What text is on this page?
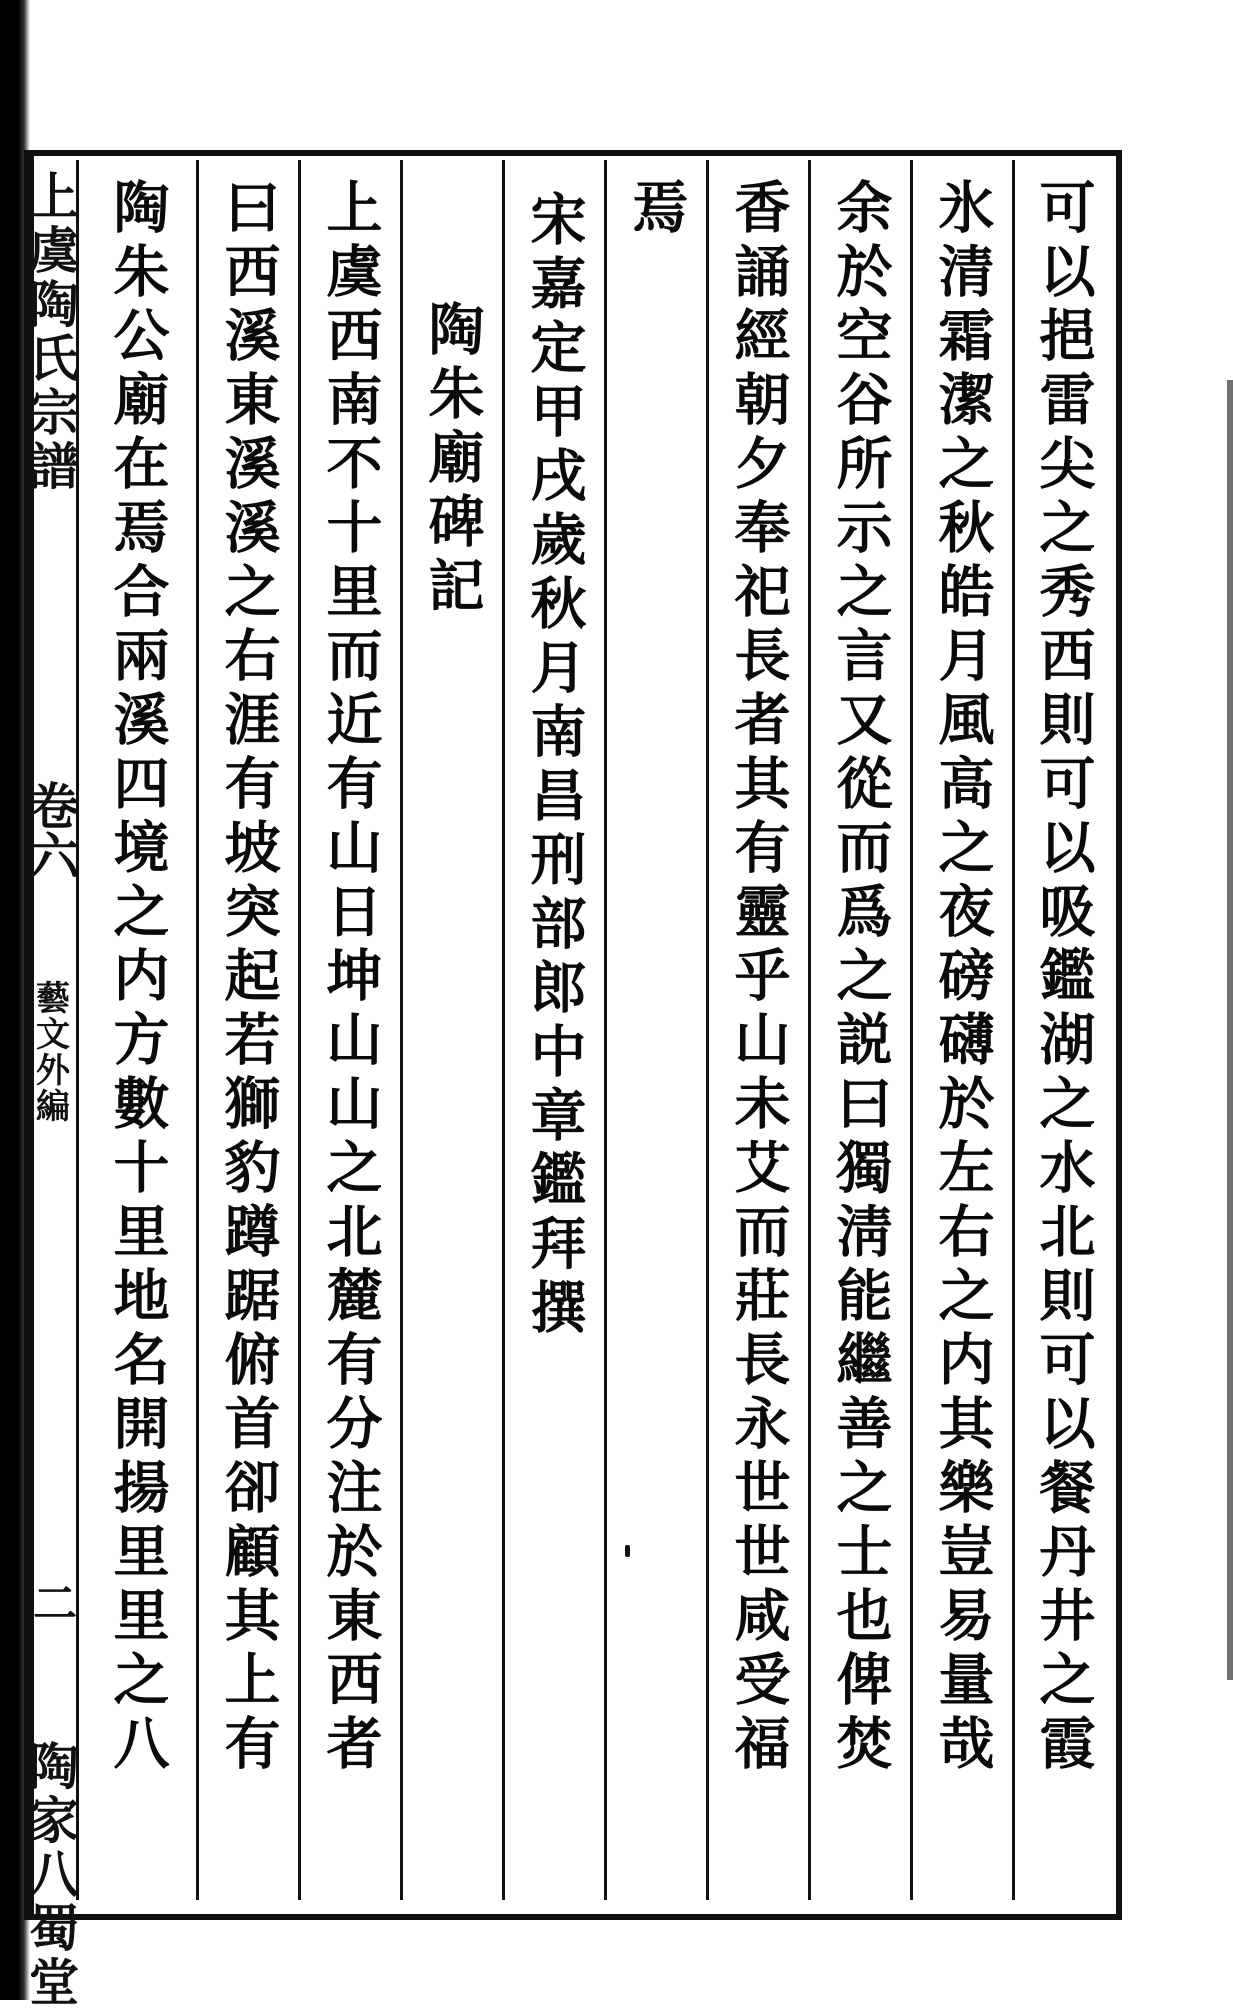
可以挹雷尖之秀西則可以吸鑑湖之水北則可以餐丹井之霞
氷清霜潔之秋皓月風高之夜磅礴於左右之内其樂豈易量哉
余於空谷所示之言又從而爲之説曰獨淸能繼善之士也俾焚
香誦經朝夕奉祀長者其有靈乎山未艾而莊長永世世咸受福
焉
宋嘉定甲戌歲秋月南昌刑部郎中章鑑拜撰
陶朱廟碑記
上虞西南不十里而近有山日坤山山之北麓有分注於東西者
曰西溪東溪溪之右涯有坡突起若獅豹蹲踞俯首卻顧其上有
陶朱公廟在焉合兩溪四境之内方數十里地名開揚里里之八
上虞陶氏宗譜
卷六
藝文外編
二
陶家八蜀堂
